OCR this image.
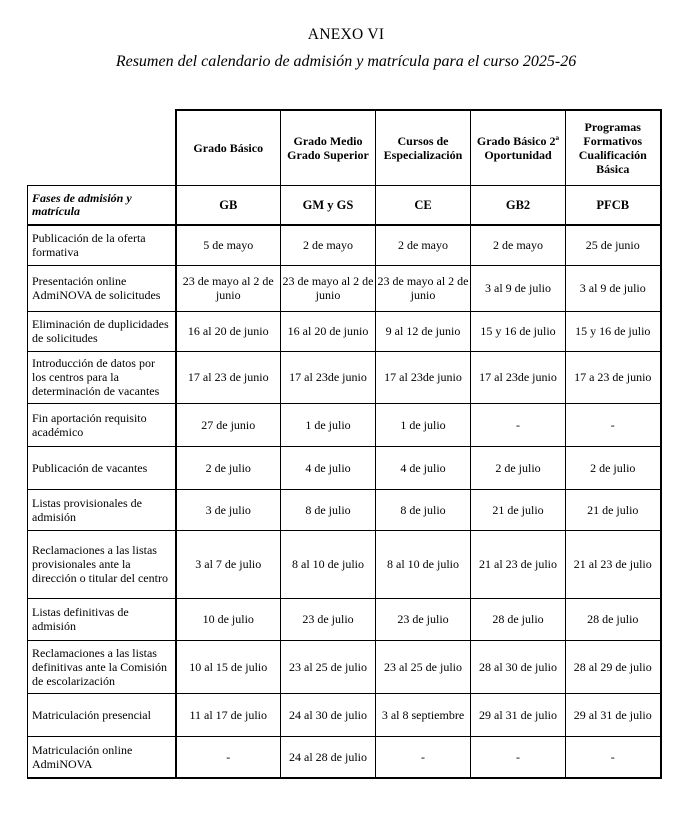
ANEXO VI
Resumen del calendario de admisión y matrícula para el curso 2025-26
	Grado Básico	Grado Medio Grado Superior	Cursos de Especialización	Grado Básico 2ª Oportunidad	Programas Formativos Cualificación Básica
Fases de admisión y matrícula	GB	GM y GS	CE	GB2	PFCB
Publicación de la oferta formativa	5 de mayo	2 de mayo	2 de mayo	2 de mayo	25 de junio
Presentación online AdmiNOVA de solicitudes	23 de mayo al 2 de junio	23 de mayo al 2 de junio	23 de mayo al 2 de junio	3 al 9 de julio	3 al 9 de julio
Eliminación de duplicidades de solicitudes	16 al 20 de junio	16 al 20 de junio	9 al 12 de junio	15 y 16 de julio	15 y 16 de julio
Introducción de datos por los centros para la determinación de vacantes	17 al 23 de junio	17 al 23de junio	17 al 23de junio	17 al 23de junio	17 a 23 de junio
Fin aportación requisito académico	27 de junio	1 de julio	1 de julio	-	-
Publicación de vacantes	2 de julio	4 de julio	4 de julio	2 de julio	2 de julio
Listas provisionales de admisión	3 de julio	8 de julio	8 de julio	21 de julio	21 de julio
Reclamaciones a las listas provisionales ante la dirección o titular del centro	3 al 7 de julio	8 al 10 de julio	8 al 10 de julio	21 al 23 de julio	21 al 23 de julio
Listas definitivas de admisión	10 de julio	23 de julio	23 de julio	28 de julio	28 de julio
Reclamaciones a las listas definitivas ante la Comisión de escolarización	10 al 15 de julio	23 al 25 de julio	23 al 25 de julio	28 al 30 de julio	28 al 29 de julio
Matriculación presencial	11 al 17 de julio	24 al 30 de julio	3 al 8 septiembre	29 al 31 de julio	29 al 31 de julio
Matriculación online AdmiNOVA	-	24 al 28 de julio	-	-	-
